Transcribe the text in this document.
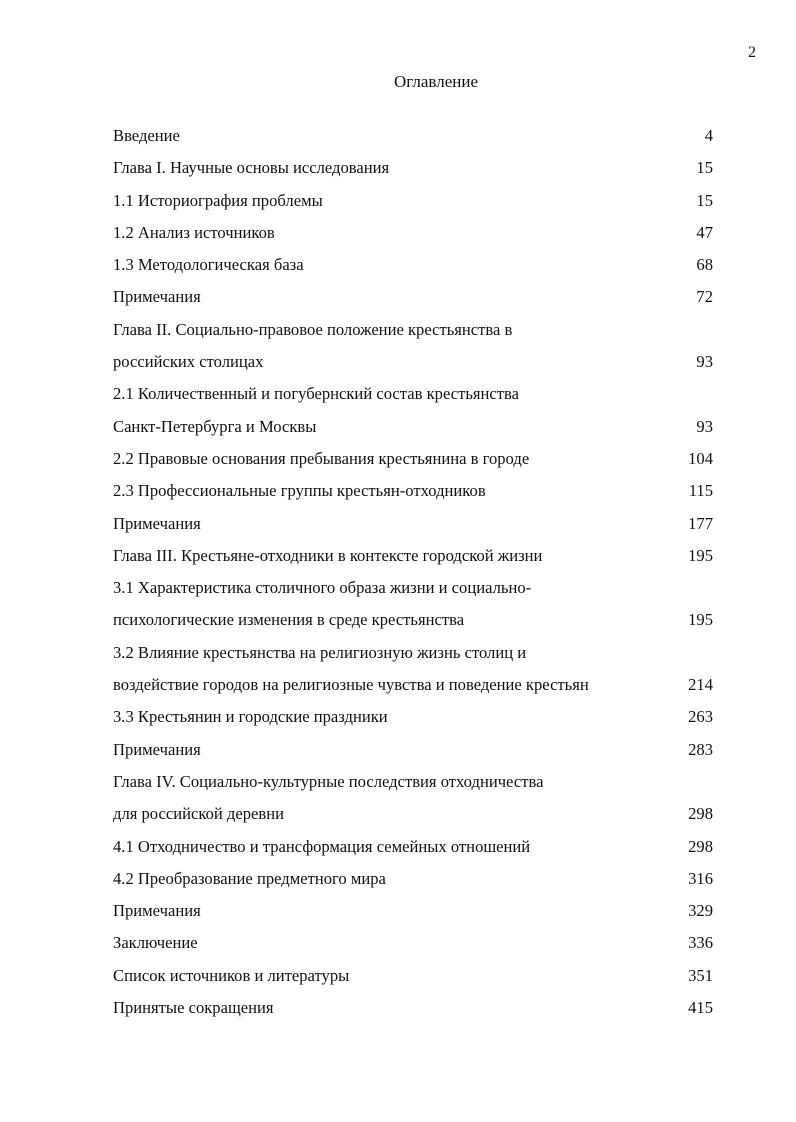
2
Оглавление
Введение	4
Глава I. Научные основы исследования	15
1.1 Историография проблемы	15
1.2 Анализ источников	47
1.3 Методологическая база	68
Примечания	72
Глава II. Социально-правовое положение крестьянства в
российских столицах	93
2.1 Количественный и погубернский состав крестьянства
Санкт-Петербурга и Москвы	93
2.2 Правовые основания пребывания крестьянина в городе	104
2.3 Профессиональные группы крестьян-отходников	115
Примечания	177
Глава III. Крестьяне-отходники в контексте городской жизни	195
3.1 Характеристика столичного образа жизни и социально-
психологические изменения в среде крестьянства	195
3.2 Влияние крестьянства на религиозную жизнь столиц и
воздействие городов на религиозные чувства и поведение крестьян	214
3.3 Крестьянин и городские праздники	263
Примечания	283
Глава IV. Социально-культурные последствия отходничества
для российской деревни	298
4.1 Отходничество и трансформация семейных отношений	298
4.2 Преобразование предметного мира	316
Примечания	329
Заключение	336
Список источников и литературы	351
Принятые сокращения	415
